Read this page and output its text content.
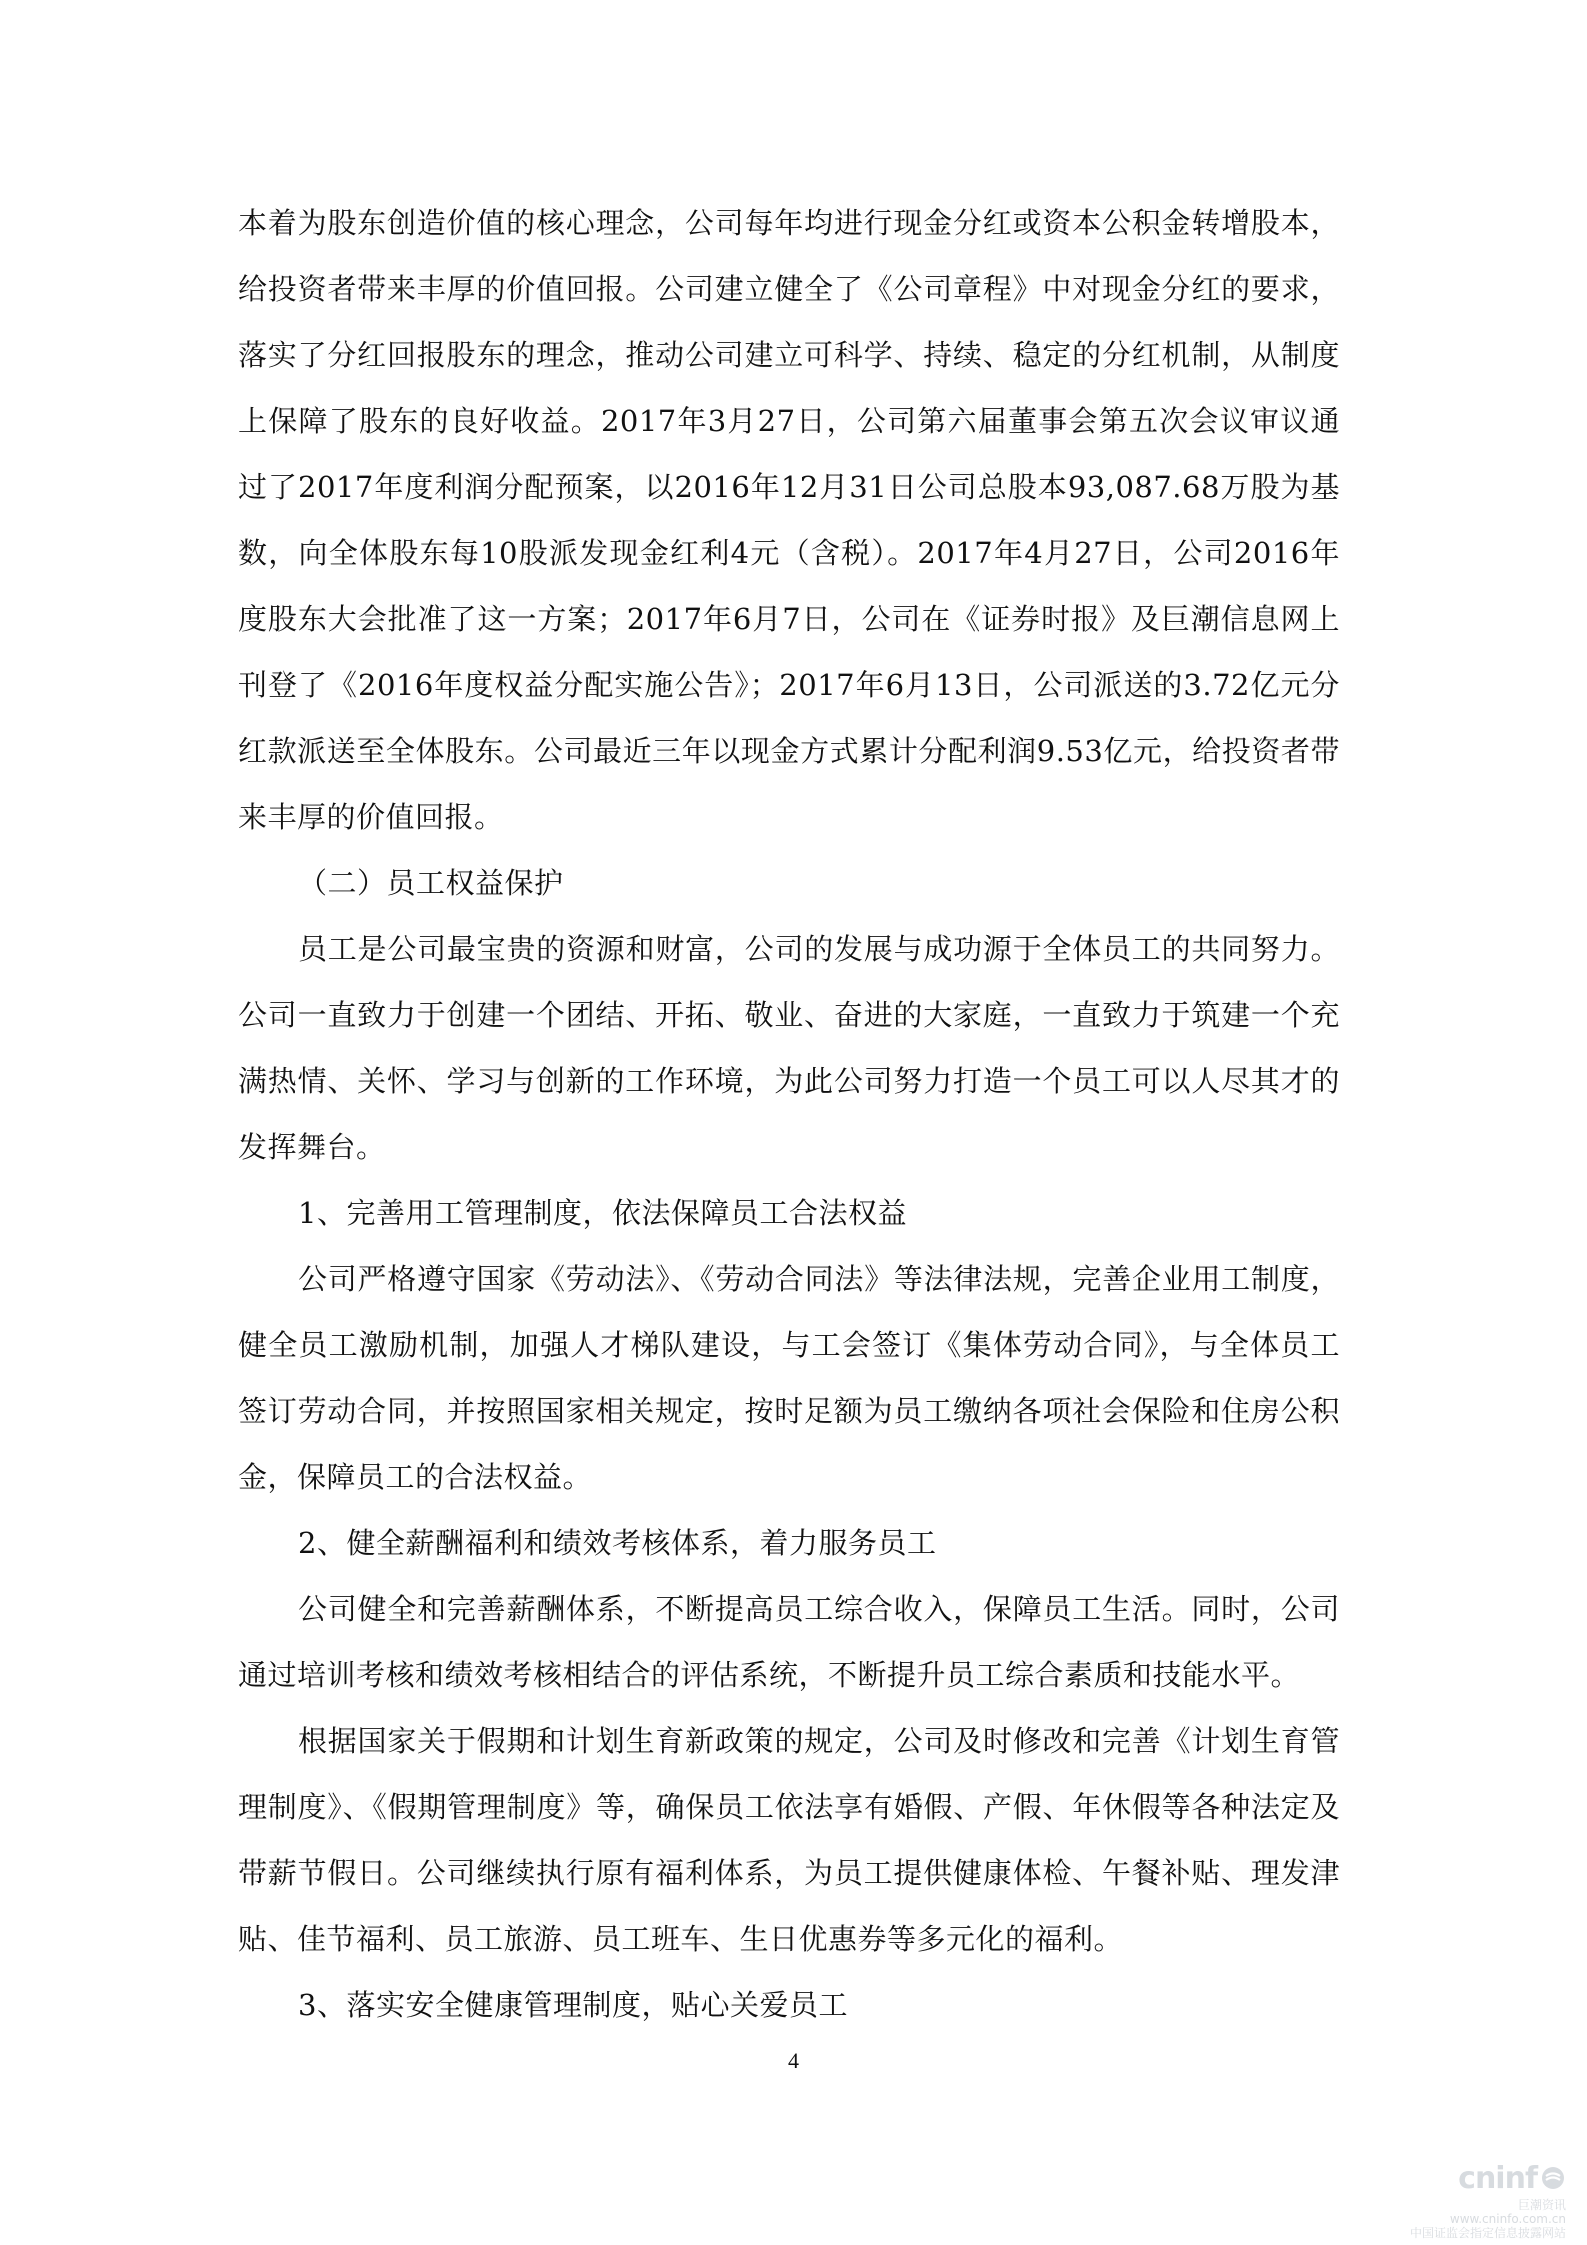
本着为股东创造价值的核心理念，公司每年均进行现金分红或资本公积金转增股本，给投资者带来丰厚的价值回报。公司建立健全了《公司章程》中对现金分红的要求，落实了分红回报股东的理念，推动公司建立可科学、持续、稳定的分红机制，从制度上保障了股东的良好收益。2017年3月27日，公司第六届董事会第五次会议审议通过了2017年度利润分配预案，以2016年12月31日公司总股本93,087.68万股为基数，向全体股东每10股派发现金红利4元（含税）。2017年4月27日，公司2016年度股东大会批准了这一方案；2017年6月7日，公司在《证券时报》及巨潮信息网上刊登了《2016年度权益分配实施公告》；2017年6月13日，公司派送的3.72亿元分红款派送至全体股东。公司最近三年以现金方式累计分配利润9.53亿元，给投资者带来丰厚的价值回报。

（二）员工权益保护

员工是公司最宝贵的资源和财富，公司的发展与成功源于全体员工的共同努力。公司一直致力于创建一个团结、开拓、敬业、奋进的大家庭，一直致力于筑建一个充满热情、关怀、学习与创新的工作环境，为此公司努力打造一个员工可以人尽其才的发挥舞台。

1、完善用工管理制度，依法保障员工合法权益

公司严格遵守国家《劳动法》、《劳动合同法》等法律法规，完善企业用工制度，健全员工激励机制，加强人才梯队建设，与工会签订《集体劳动合同》，与全体员工签订劳动合同，并按照国家相关规定，按时足额为员工缴纳各项社会保险和住房公积金，保障员工的合法权益。

2、健全薪酬福利和绩效考核体系，着力服务员工

公司健全和完善薪酬体系，不断提高员工综合收入，保障员工生活。同时，公司通过培训考核和绩效考核相结合的评估系统，不断提升员工综合素质和技能水平。

根据国家关于假期和计划生育新政策的规定，公司及时修改和完善《计划生育管理制度》、《假期管理制度》等，确保员工依法享有婚假、产假、年休假等各种法定及带薪节假日。公司继续执行原有福利体系，为员工提供健康体检、午餐补贴、理发津贴、佳节福利、员工旅游、员工班车、生日优惠券等多元化的福利。

3、落实安全健康管理制度，贴心关爱员工

4
cninf
巨潮资讯
www.cninfo.com.cn
中国证监会指定信息披露网站
